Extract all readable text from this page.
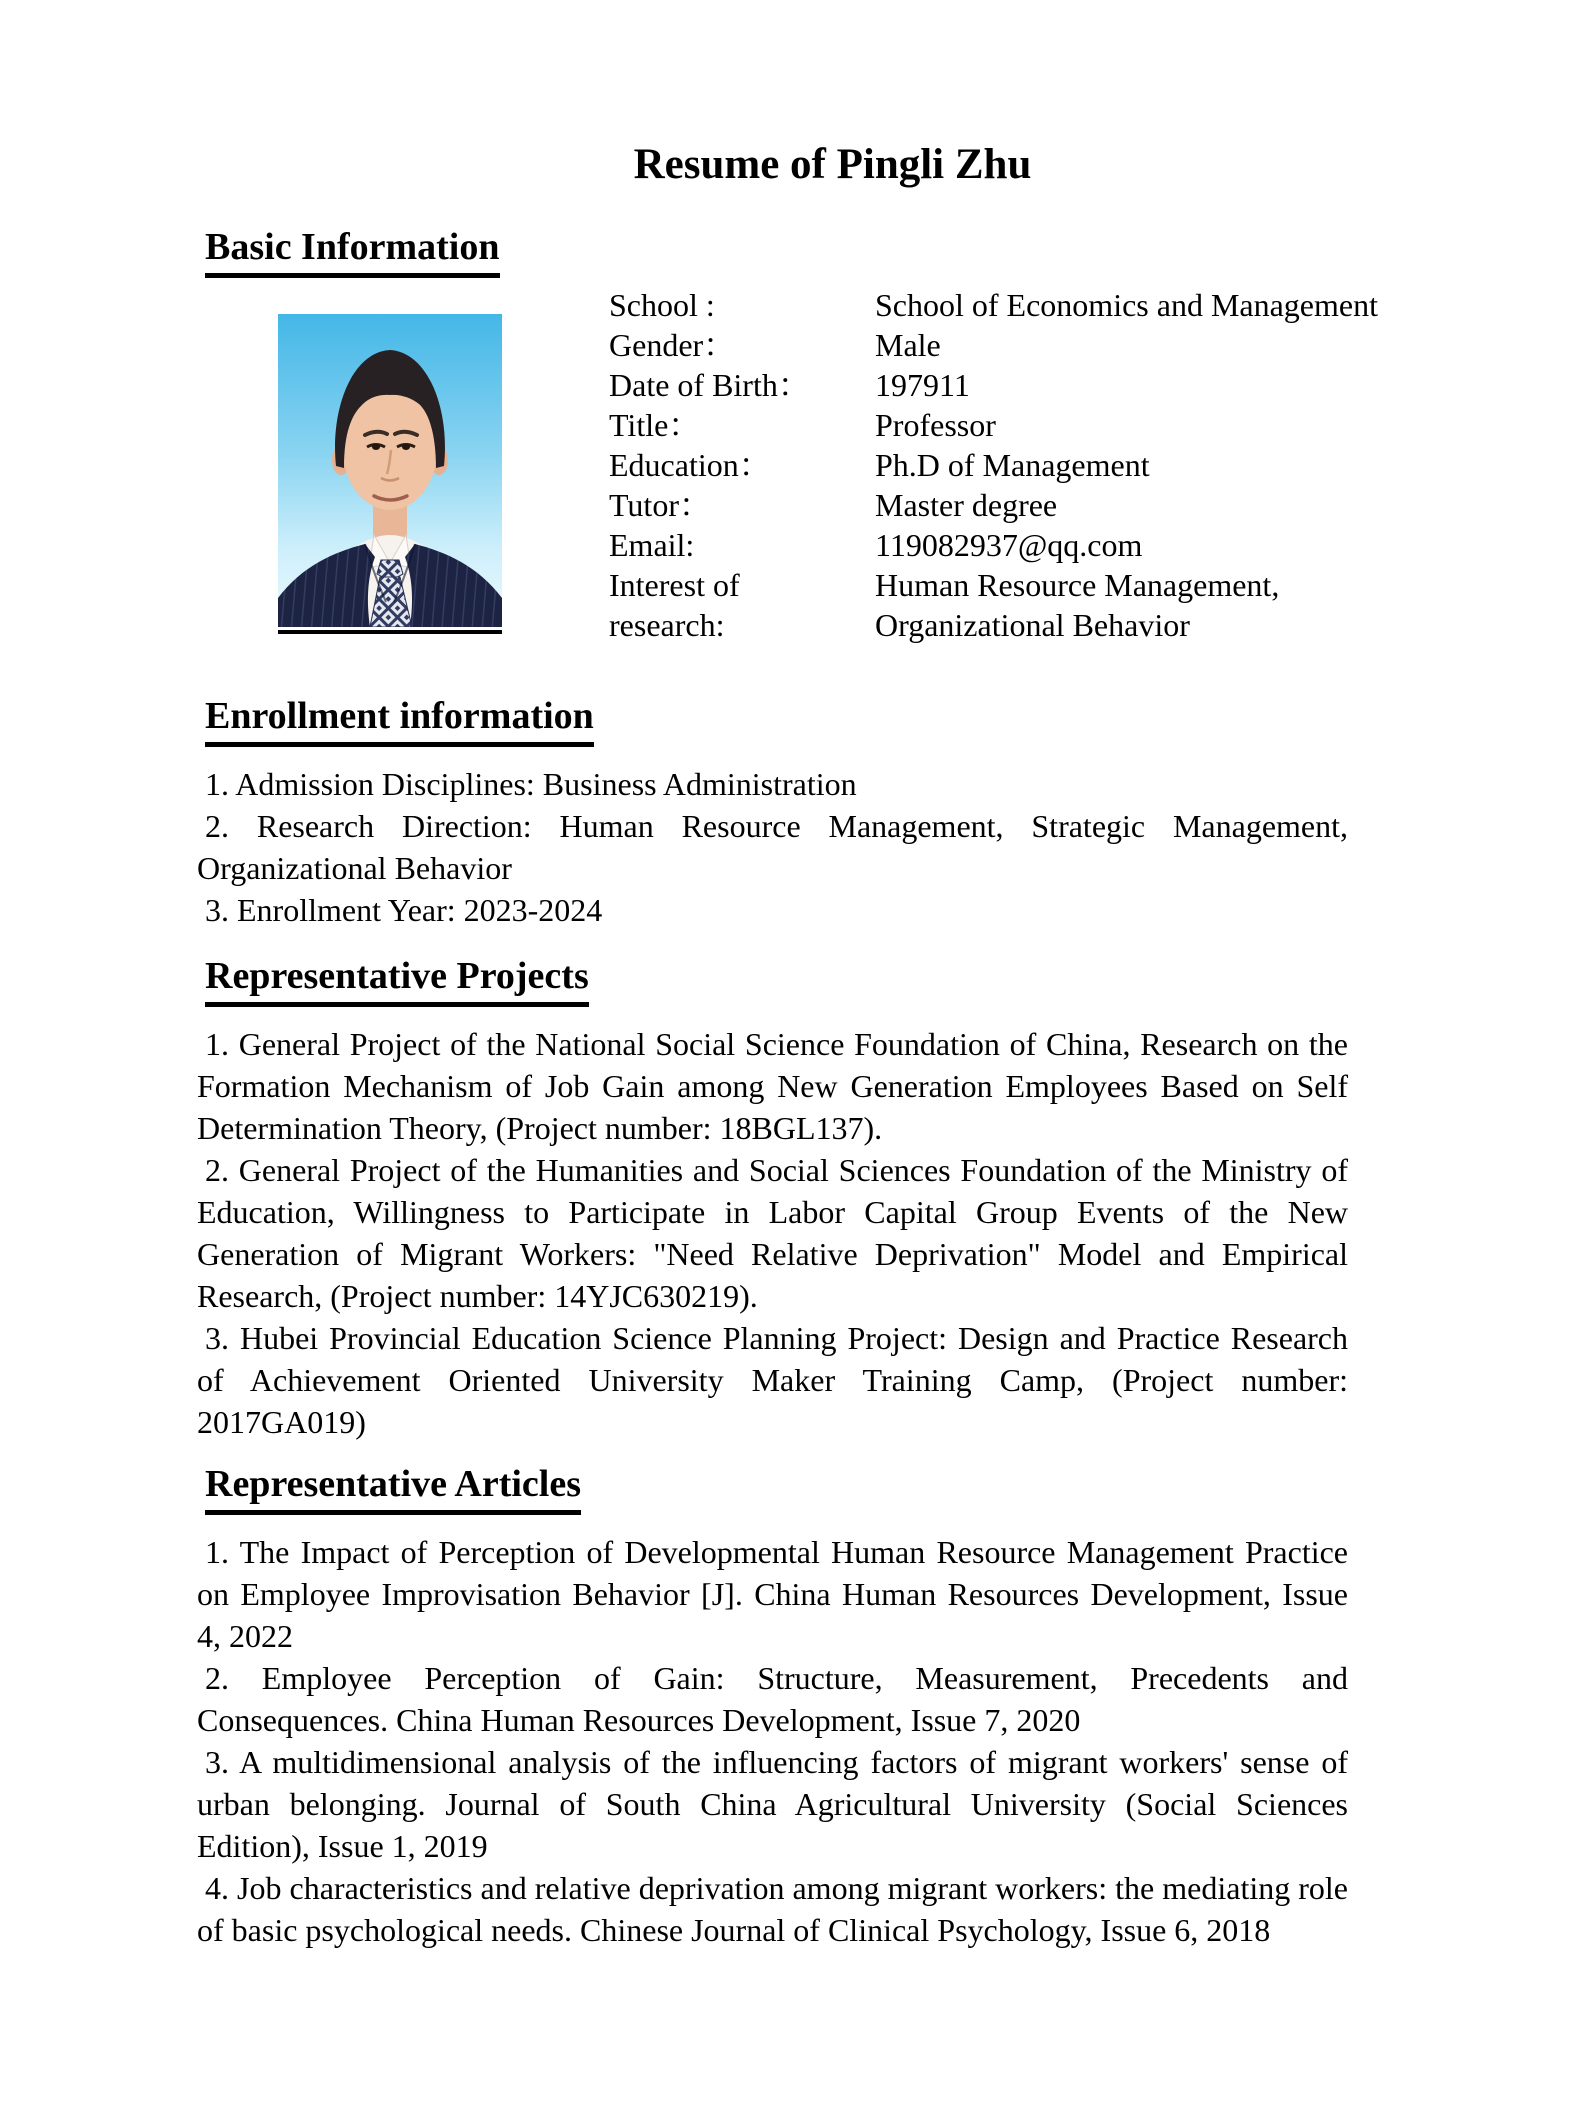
Resume of Pingli Zhu
Basic Information
School :	School of Economics and Management
Gender：	Male
Date of Birth：	197911
Title：	Professor
Education：	Ph.D of Management
Tutor：	Master degree
Email:	119082937@qq.com
Interest of	Human Resource Management,
research:	Organizational Behavior
Enrollment information

1. Admission Disciplines: Business Administration

2. Research Direction: Human Resource Management, Strategic Management, Organizational Behavior

3. Enrollment Year: 2023-2024

Representative Projects

1. General Project of the National Social Science Foundation of China, Research on the Formation Mechanism of Job Gain among New Generation Employees Based on Self Determination Theory, (Project number: 18BGL137).

2. General Project of the Humanities and Social Sciences Foundation of the Ministry of Education, Willingness to Participate in Labor Capital Group Events of the New Generation of Migrant Workers: "Need Relative Deprivation" Model and Empirical Research, (Project number: 14YJC630219).

3. Hubei Provincial Education Science Planning Project: Design and Practice Research of Achievement Oriented University Maker Training Camp, (Project number: 2017GA019)

Representative Articles

1. The Impact of Perception of Developmental Human Resource Management Practice on Employee Improvisation Behavior [J]. China Human Resources Development, Issue 4, 2022

2. Employee Perception of Gain: Structure, Measurement, Precedents and Consequences. China Human Resources Development, Issue 7, 2020

3. A multidimensional analysis of the influencing factors of migrant workers' sense of urban belonging. Journal of South China Agricultural University (Social Sciences Edition), Issue 1, 2019

4. Job characteristics and relative deprivation among migrant workers: the mediating role of basic psychological needs. Chinese Journal of Clinical Psychology, Issue 6, 2018
